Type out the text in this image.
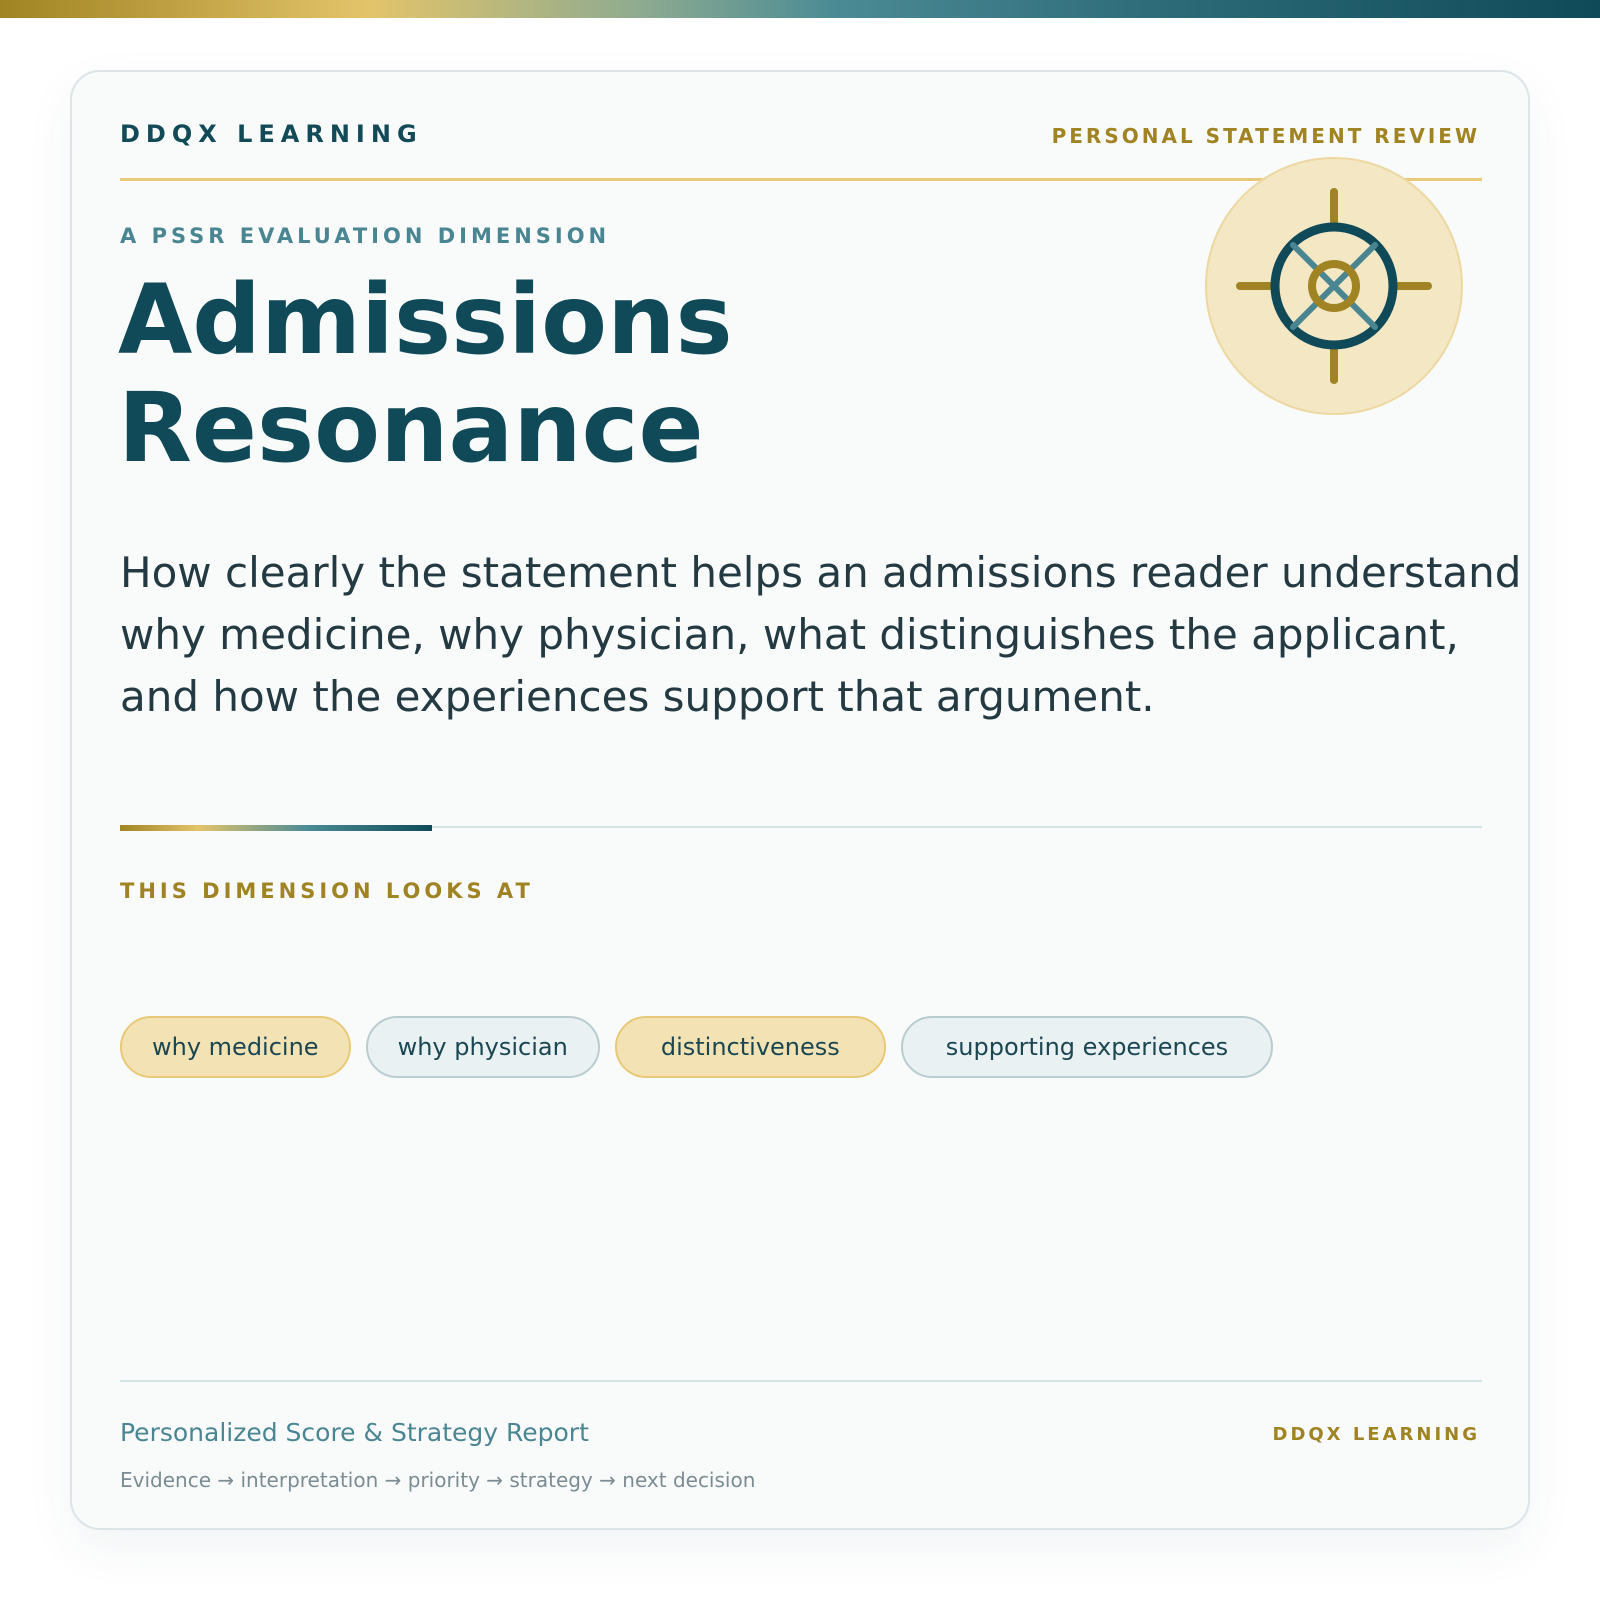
DDQX LEARNING	PERSONAL STATEMENT REVIEW
A PSSR EVALUATION DIMENSION
Admissions
Resonance
How clearly the statement helps an admissions reader understand why medicine, why physician, what distinguishes the applicant, and how the experiences support that argument.
THIS DIMENSION LOOKS AT
why medicine	why physician	distinctiveness	supporting experiences
Personalized Score & Strategy Report	DDQX LEARNING
Evidence → interpretation → priority → strategy → next decision
